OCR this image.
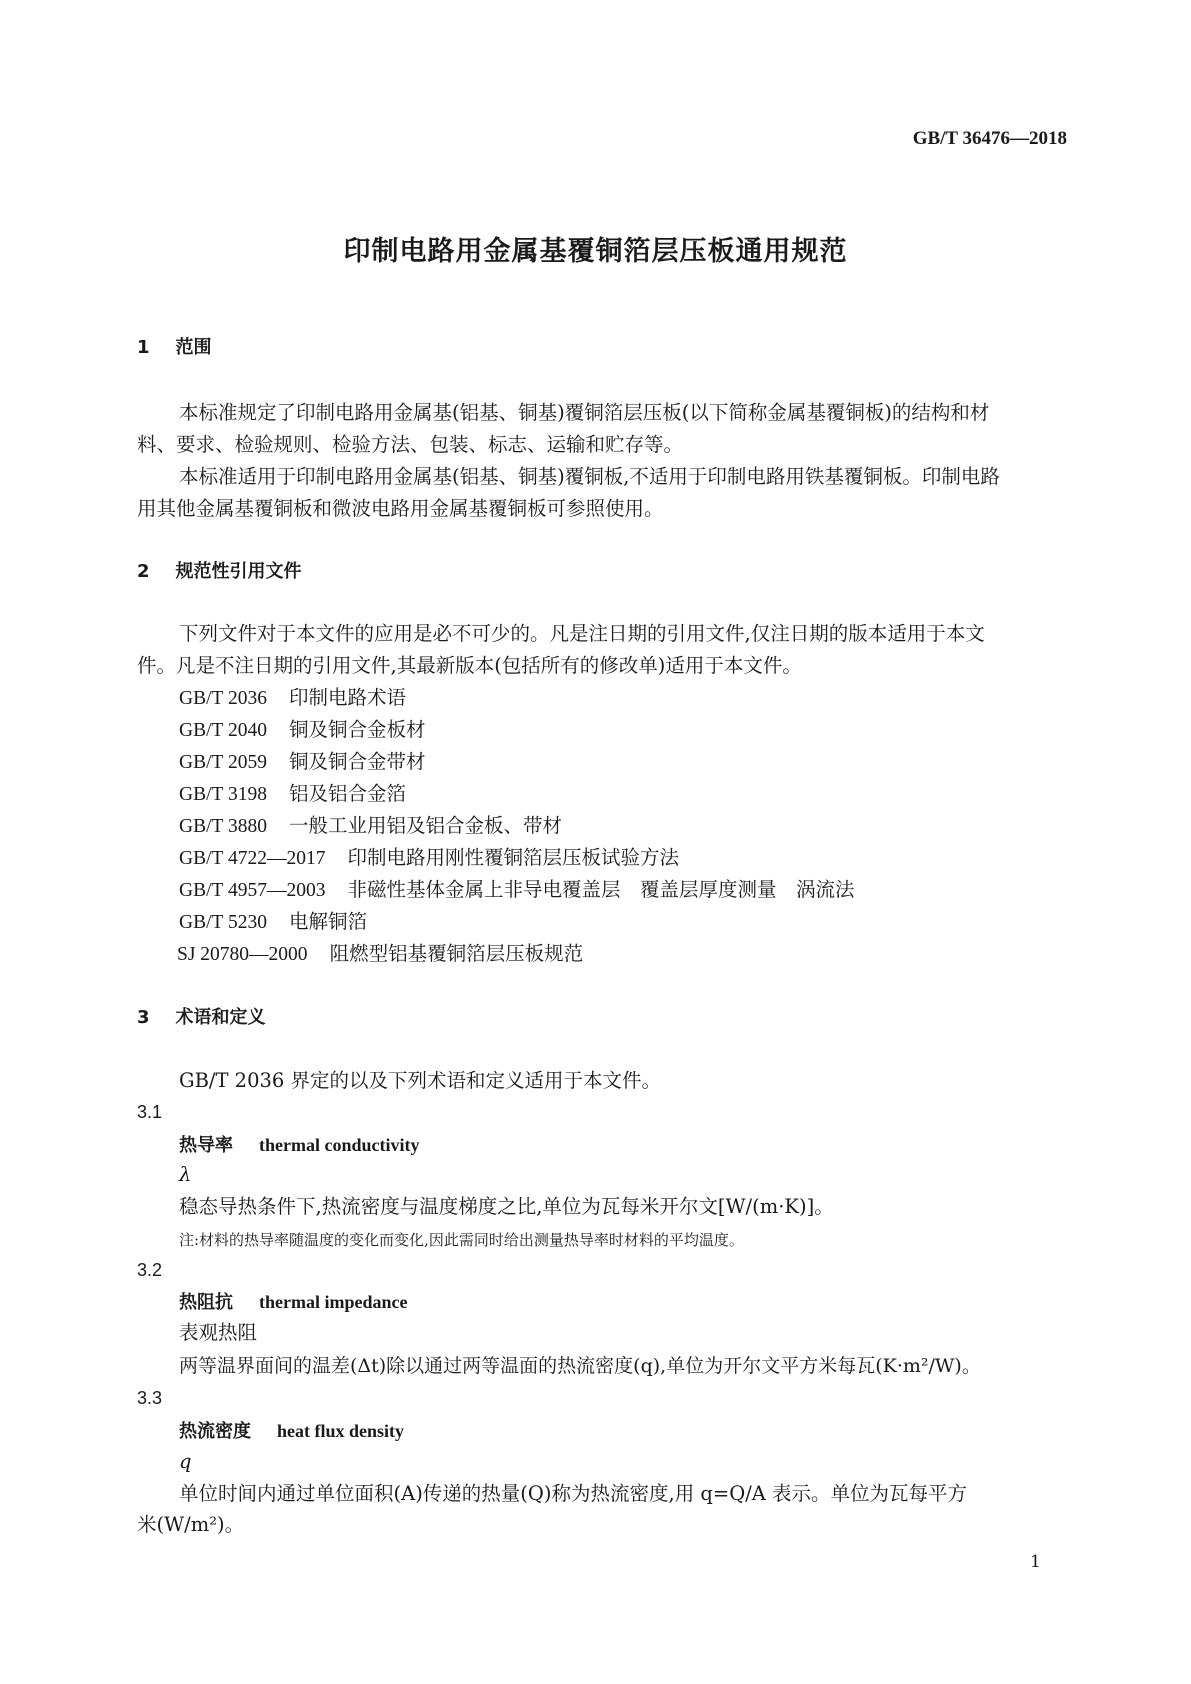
GB/T 36476—2018
印制电路用金属基覆铜箔层压板通用规范
1 范围
本标准规定了印制电路用金属基(铝基、铜基)覆铜箔层压板(以下简称金属基覆铜板)的结构和材
料、要求、检验规则、检验方法、包装、标志、运输和贮存等。
本标准适用于印制电路用金属基(铝基、铜基)覆铜板,不适用于印制电路用铁基覆铜板。印制电路
用其他金属基覆铜板和微波电路用金属基覆铜板可参照使用。
2 规范性引用文件
下列文件对于本文件的应用是必不可少的。凡是注日期的引用文件,仅注日期的版本适用于本文
件。凡是不注日期的引用文件,其最新版本(包括所有的修改单)适用于本文件。
GB/T 2036 印制电路术语
GB/T 2040 铜及铜合金板材
GB/T 2059 铜及铜合金带材
GB/T 3198 铝及铝合金箔
GB/T 3880 一般工业用铝及铝合金板、带材
GB/T 4722—2017 印制电路用刚性覆铜箔层压板试验方法
GB/T 4957—2003 非磁性基体金属上非导电覆盖层　覆盖层厚度测量　涡流法
GB/T 5230 电解铜箔
SJ 20780—2000 阻燃型铝基覆铜箔层压板规范
3 术语和定义
GB/T 2036 界定的以及下列术语和定义适用于本文件。
3.1
热导率 thermal conductivity
λ
稳态导热条件下,热流密度与温度梯度之比,单位为瓦每米开尔文[W/(m·K)]。
注:材料的热导率随温度的变化而变化,因此需同时给出测量热导率时材料的平均温度。
3.2
热阻抗 thermal impedance
表观热阻
两等温界面间的温差(Δt)除以通过两等温面的热流密度(q),单位为开尔文平方米每瓦(K·m²/W)。
3.3
热流密度 heat flux density
q
单位时间内通过单位面积(A)传递的热量(Q)称为热流密度,用 q=Q/A 表示。单位为瓦每平方
米(W/m²)。
1
